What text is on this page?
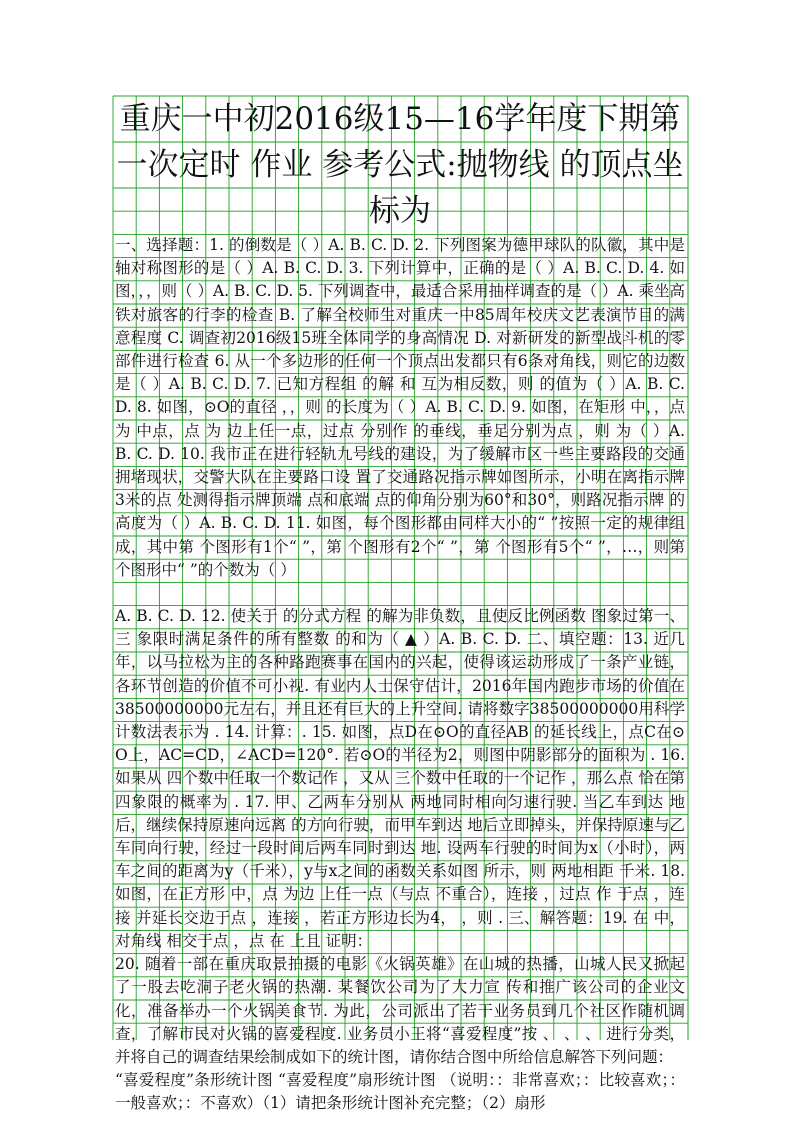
重庆一中初2016级15—16学年度下期第一次定时 作业 参考公式:抛物线 的顶点坐标为

一、选择题：1. 的倒数是（ ）A. B. C. D. 2. 下列图案为德甲球队的队徽，其中是轴对称图形的是（ ）A. B. C. D. 3. 下列计算中，正确的是（ ）A. B. C. D. 4. 如图，，，则（ ）A. B. C. D. 5. 下列调查中，最适合采用抽样调查的是（ ）A. 乘坐高铁对旅客的行李的检查 B. 了解全校师生对重庆一中85周年校庆文艺表演节目的满意程度 C. 调查初2016级15班全体同学的身高情况 D. 对新研发的新型战斗机的零部件进行检查 6. 从一个多边形的任何一个顶点出发都只有6条对角线，则它的边数是（ ）A. B. C. D. 7. 已知方程组 的解 和 互为相反数，则 的值为（ ）A. B. C. D. 8. 如图，⊙O的直径 ，，则 的长度为（ ）A. B. C. D. 9. 如图，在矩形 中，，点 为 中点，点 为 边上任一点，过点 分别作 的垂线，垂足分别为点 ，则 为（ ）A. B. C. D. 10. 我市正在进行轻轨九号线的建设，为了缓解市区一些主要路段的交通拥堵现状，交警大队在主要路口设 置了交通路况指示牌如图所示，小明在离指示牌3米的点 处测得指示牌顶端 点和底端 点的仰角分别为60°和30°，则路况指示牌 的高度为（ ）A. B. C. D. 11. 如图，每个图形都由同样大小的“ ”按照一定的规律组成，其中第 个图形有1个“ ”，第 个图形有2个“ ”，第 个图形有5个“ ”，…，则第 个图形中“ ”的个数为（ ）

A. B. C. D. 12. 使关于 的分式方程 的解为非负数，且使反比例函数 图象过第一、三 象限时满足条件的所有整数 的和为（ ▲ ）A. B. C. D. 二、填空题：13. 近几年，以马拉松为主的各种路跑赛事在国内的兴起，使得该运动形成了一条产业链，各环节创造的价值不可小视. 有业内人士保守估计，2016年国内跑步市场的价值在38500000000元左右，并且还有巨大的上升空间. 请将数字38500000000用科学计数法表示为 . 14. 计算：. 15. 如图，点D在⊙O的直径AB 的延长线上，点C在⊙O上，AC=CD，∠ACD=120°. 若⊙O的半径为2，则图中阴影部分的面积为 . 16. 如果从 四个数中任取一个数记作 ，又从 三个数中任取的一个记作 ，那么点 恰在第四象限的概率为 . 17. 甲、乙两车分别从 两地同时相向匀速行驶. 当乙车到达 地后，继续保持原速向远离 的方向行驶，而甲车到达 地后立即掉头，并保持原速与乙车同向行驶，经过一段时间后两车同时到达 地. 设两车行驶的时间为x（小时），两车之间的距离为y（千米），y与x之间的函数关系如图 所示，则 两地相距 千米. 18. 如图，在正方形 中，点 为边 上任一点（与点 不重合），连接 ，过点 作 于点 ，连接 并延长交边于点 ，连接 ，若正方形边长为4， ，则 . 三、解答题：19. 在 中，对角线 相交于点 ，点 在 上且 证明：

20. 随着一部在重庆取景拍摄的电影《火锅英雄》在山城的热播，山城人民又掀起了一股去吃洞子老火锅的热潮. 某餐饮公司为了大力宣 传和推广该公司的企业文化，准备举办一个火锅美食节. 为此，公司派出了若干业务员到几个社区作随机调查，了解市民对火锅的喜爱程度. 业务员小王将“喜爱程度”按 、 、 、 进行分类，并将自己的调查结果绘制成如下的统计图，请你结合图中所给信息解答下列问题：

“喜爱程度”条形统计图 “喜爱程度”扇形统计图 （说明：：非常喜欢；：比较喜欢；：一般喜欢；：不喜欢）（1）请把条形统计图补充完整；（2）扇形
